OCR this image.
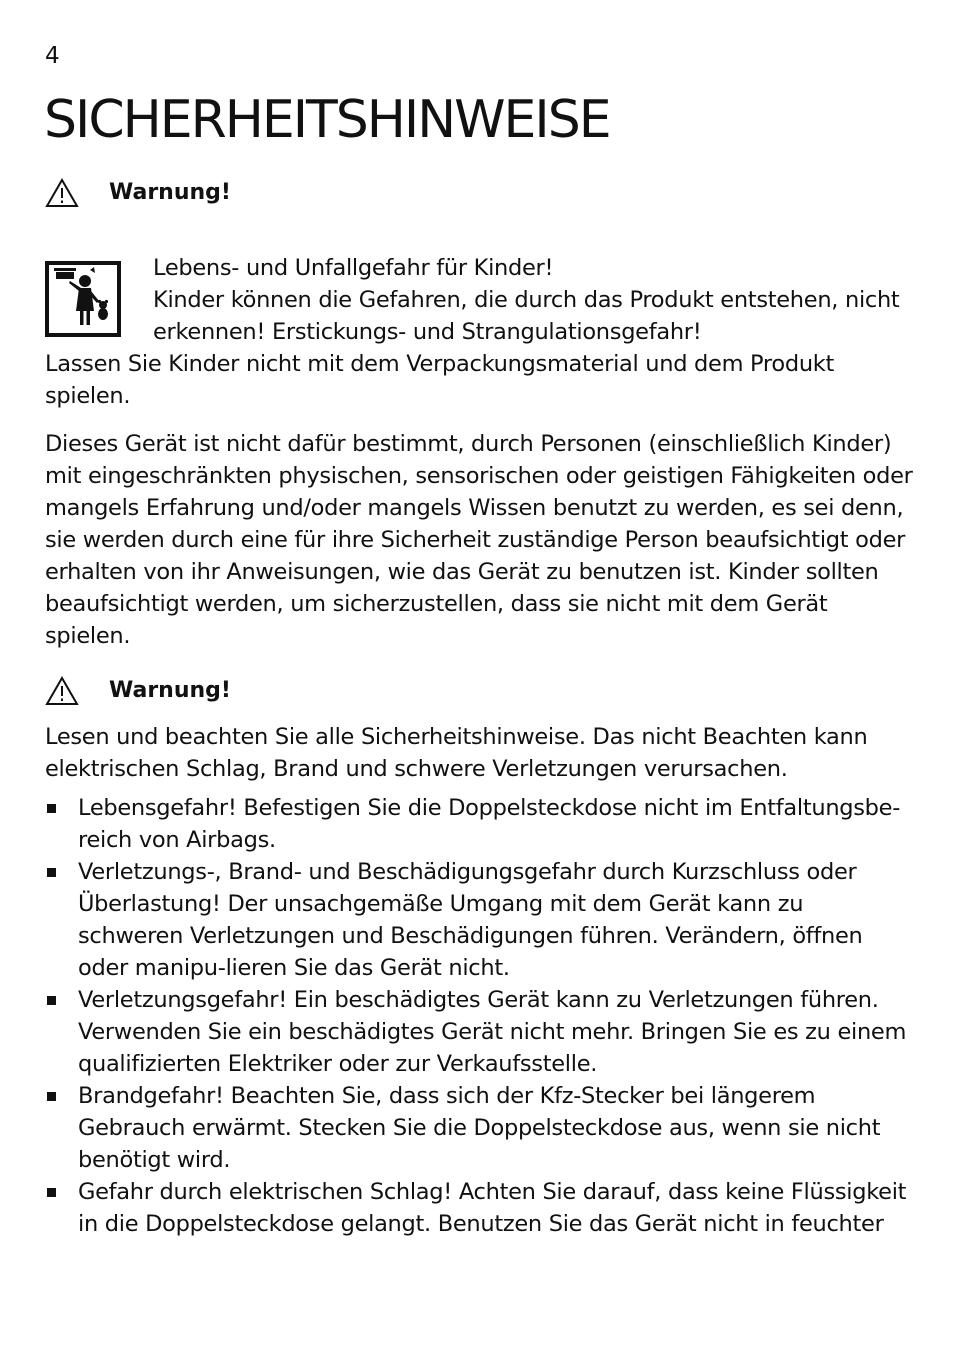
4
SICHERHEITSHINWEISE
Warnung!
Lebens- und Unfallgefahr für Kinder!
Kinder können die Gefahren, die durch das Produkt entstehen, nicht
erkennen! Erstickungs- und Strangulationsgefahr!
Lassen Sie Kinder nicht mit dem Verpackungsmaterial und dem Produkt spielen.
Dieses Gerät ist nicht dafür bestimmt, durch Personen (einschließlich Kinder) mit eingeschränkten physischen, sensorischen oder geistigen Fähigkeiten oder mangels Erfahrung und/oder mangels Wissen benutzt zu werden, es sei denn, sie werden durch eine für ihre Sicherheit zuständige Person beaufsichtigt oder erhalten von ihr Anweisungen, wie das Gerät zu benutzen ist. Kinder sollten beaufsichtigt werden, um sicherzustellen, dass sie nicht mit dem Gerät spielen.
Warnung!
Lesen und beachten Sie alle Sicherheitshinweise. Das nicht Beachten kann elektrischen Schlag, Brand und schwere Verletzungen verursachen.
Lebensgefahr! Befestigen Sie die Doppelsteckdose nicht im Entfaltungsbe-reich von Airbags.
Verletzungs-, Brand- und Beschädigungsgefahr durch Kurzschluss oder Überlastung! Der unsachgemäße Umgang mit dem Gerät kann zu schweren Verletzungen und Beschädigungen führen. Verändern, öffnen oder manipu-lieren Sie das Gerät nicht.
Verletzungsgefahr! Ein beschädigtes Gerät kann zu Verletzungen führen. Verwenden Sie ein beschädigtes Gerät nicht mehr. Bringen Sie es zu einem qualifizierten Elektriker oder zur Verkaufsstelle.
Brandgefahr! Beachten Sie, dass sich der Kfz-Stecker bei längerem Gebrauch erwärmt. Stecken Sie die Doppelsteckdose aus, wenn sie nicht benötigt wird.
Gefahr durch elektrischen Schlag! Achten Sie darauf, dass keine Flüssigkeit in die Doppelsteckdose gelangt. Benutzen Sie das Gerät nicht in feuchter
